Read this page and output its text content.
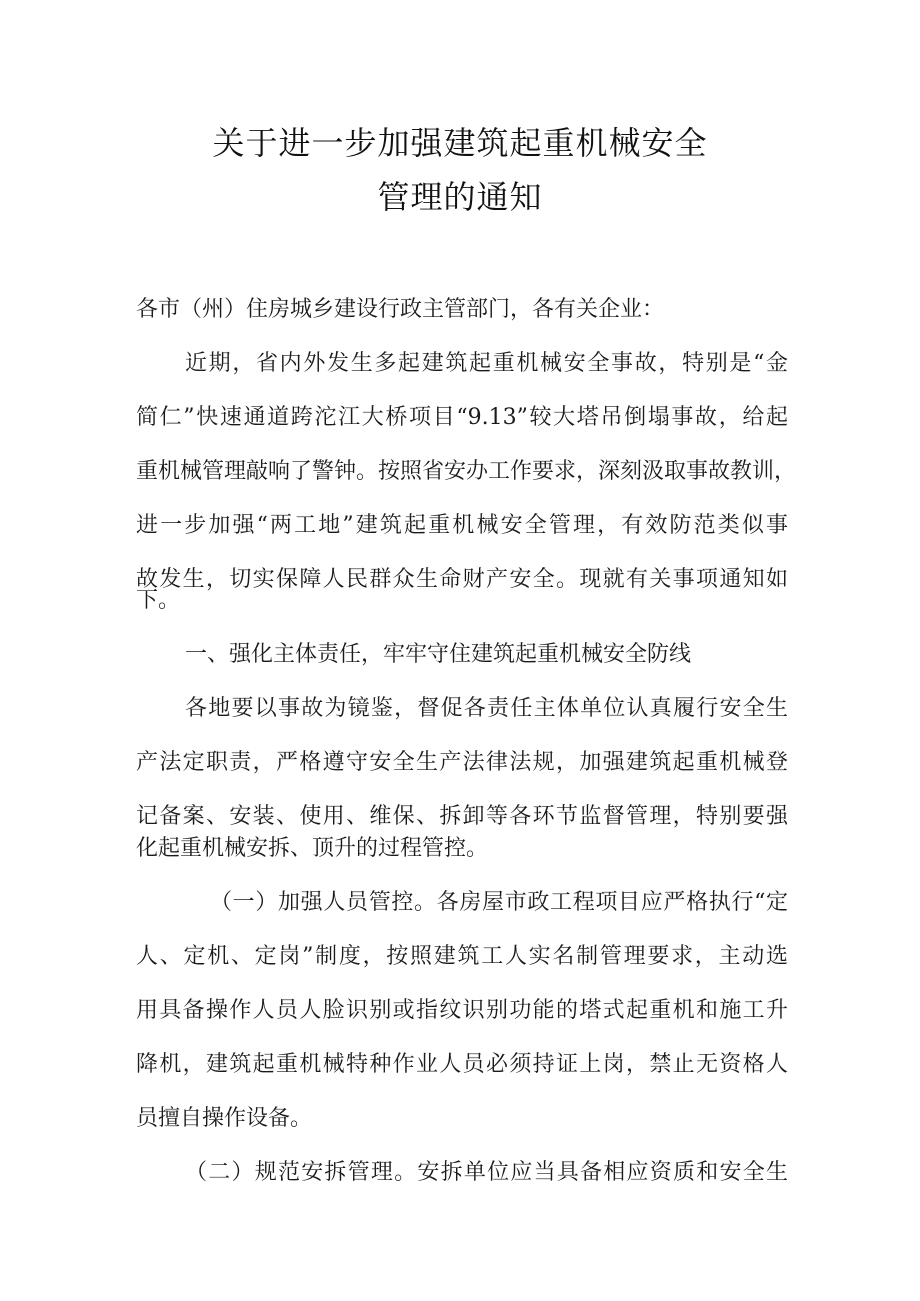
关于进一步加强建筑起重机械安全
管理的通知
各市（州）住房城乡建设行政主管部门，各有关企业：
近期，省内外发生多起建筑起重机械安全事故，特别是“金
简仁”快速通道跨沱江大桥项目“9.13”较大塔吊倒塌事故，给起
重机械管理敲响了警钟。按照省安办工作要求，深刻汲取事故教训，
进一步加强“两工地”建筑起重机械安全管理，有效防范类似事
故发生，切实保障人民群众生命财产安全。现就有关事项通知如
下。
一、强化主体责任，牢牢守住建筑起重机械安全防线
各地要以事故为镜鉴，督促各责任主体单位认真履行安全生
产法定职责，严格遵守安全生产法律法规，加强建筑起重机械登
记备案、安装、使用、维保、拆卸等各环节监督管理，特别要强
化起重机械安拆、顶升的过程管控。
（一）加强人员管控。各房屋市政工程项目应严格执行“定
人、定机、定岗”制度，按照建筑工人实名制管理要求，主动选
用具备操作人员人脸识别或指纹识别功能的塔式起重机和施工升
降机，建筑起重机械特种作业人员必须持证上岗，禁止无资格人
员擅自操作设备。
（二）规范安拆管理。安拆单位应当具备相应资质和安全生
